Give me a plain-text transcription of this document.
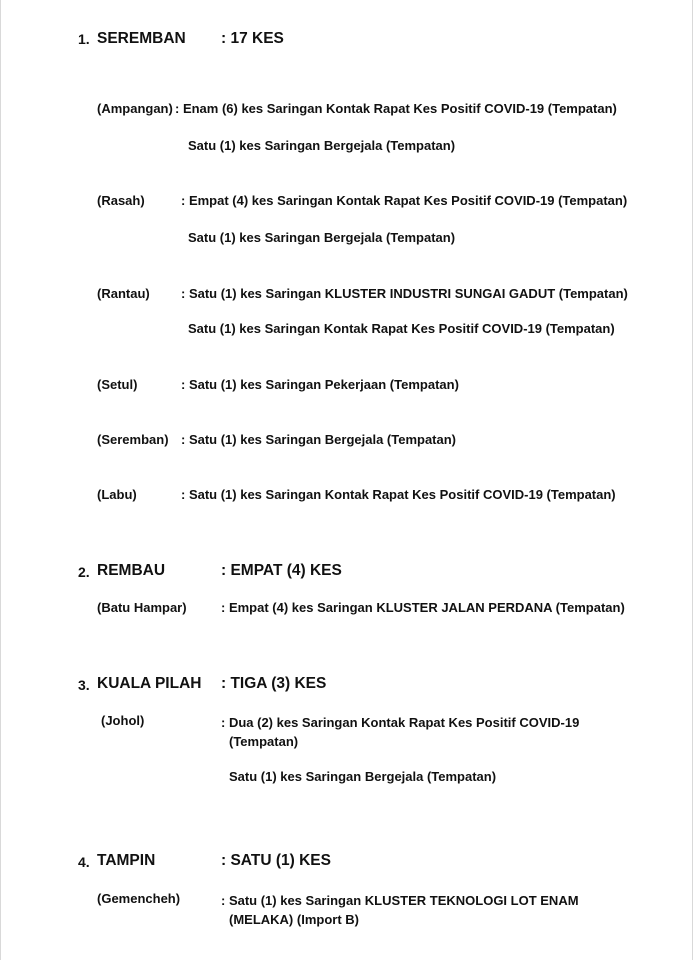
1. SEREMBAN : 17 KES
(Ampangan) : Enam (6) kes Saringan Kontak Rapat Kes Positif COVID-19 (Tempatan)
Satu (1) kes Saringan Bergejala (Tempatan)
(Rasah)	: Empat (4) kes Saringan Kontak Rapat Kes Positif COVID-19 (Tempatan)
Satu (1) kes Saringan Bergejala (Tempatan)
(Rantau) : Satu (1) kes Saringan KLUSTER INDUSTRI SUNGAI GADUT (Tempatan)
Satu (1) kes Saringan Kontak Rapat Kes Positif COVID-19 (Tempatan)
(Setul)	: Satu (1) kes Saringan Pekerjaan (Tempatan)
(Seremban) : Satu (1) kes Saringan Bergejala (Tempatan)
(Labu)	: Satu (1) kes Saringan Kontak Rapat Kes Positif COVID-19 (Tempatan)
2. REMBAU	: EMPAT (4) KES
(Batu Hampar)	: Empat (4) kes Saringan KLUSTER JALAN PERDANA (Tempatan)
3. KUALA PILAH : TIGA (3) KES
(Johol)	: Dua (2) kes Saringan Kontak Rapat Kes Positif COVID-19 (Tempatan)
Satu (1) kes Saringan Bergejala (Tempatan)
4. TAMPIN	: SATU (1) KES
(Gemencheh)	: Satu (1) kes Saringan KLUSTER TEKNOLOGI LOT ENAM (MELAKA) (Import B)
